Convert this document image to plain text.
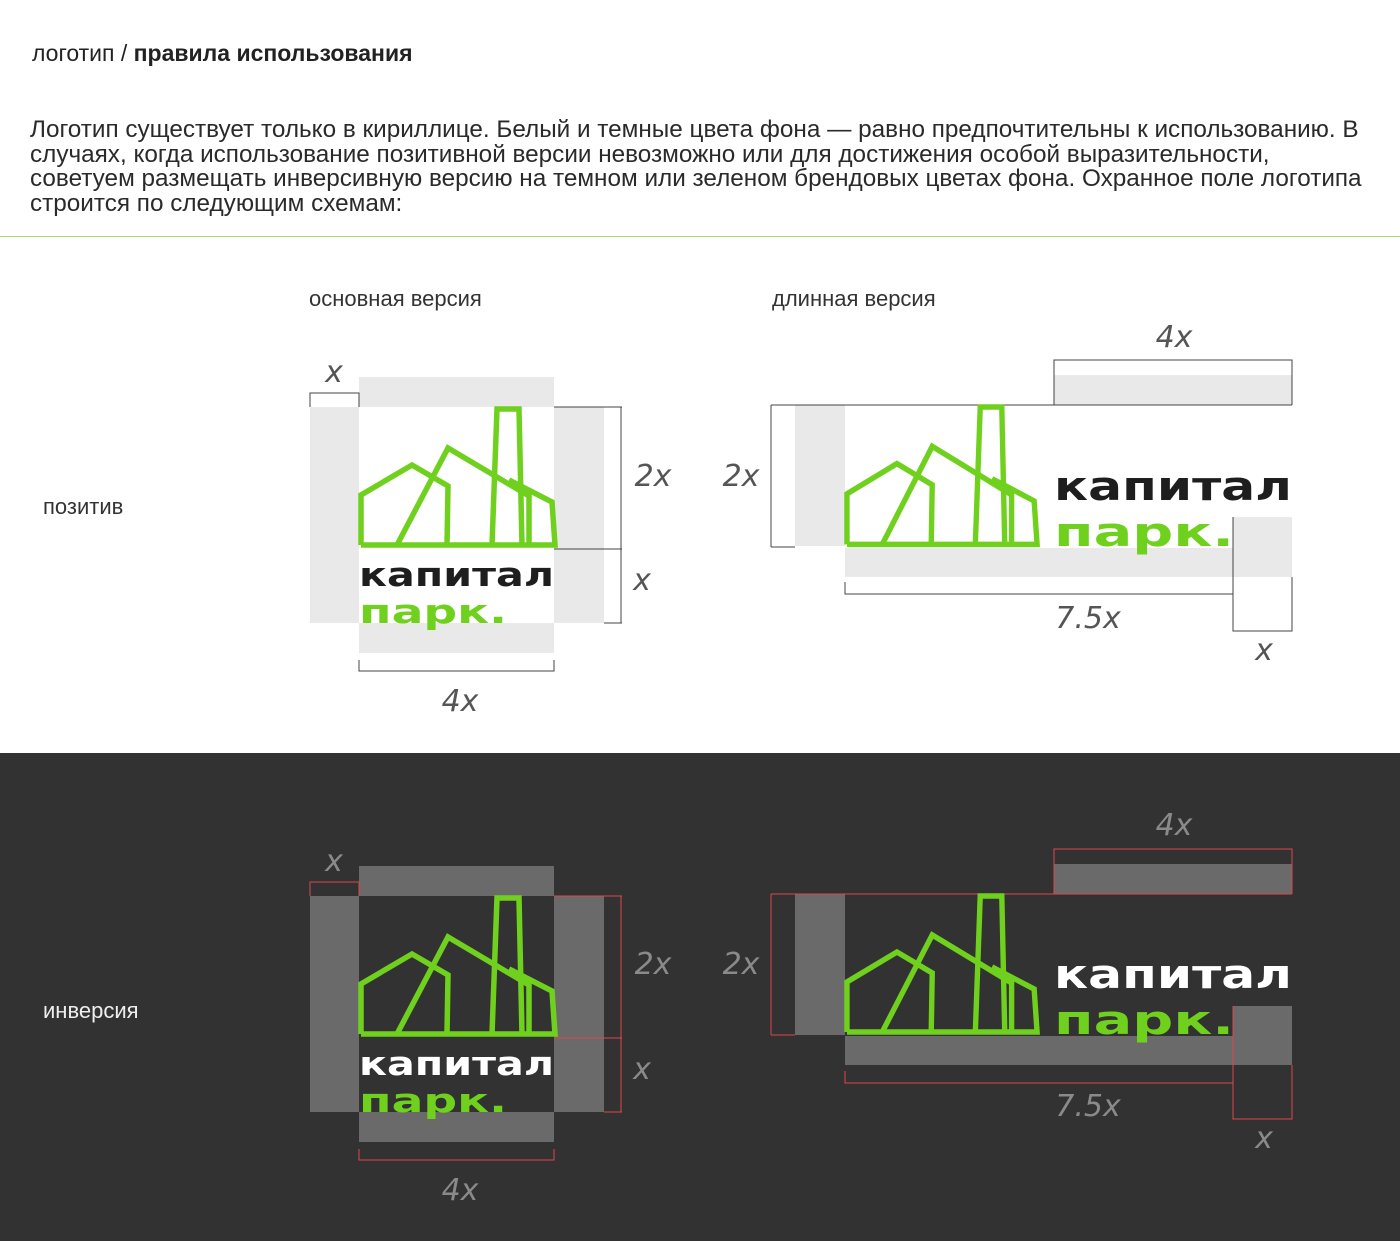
логотип / правила использования
Логотип существует только в кириллице. Белый и темные цвета фона — равно предпочтительны к использованию. В случаях, когда использование позитивной версии невозможно или для достижения особой выразительности, советуем размещать инверсивную версию на темном или зеленом брендовых цветах фона. Охранное поле логотипа строится по следующим схемам:
основная версия	длинная версия
позитив
инверсия
капитал
парк.
x
2x
x
4x
капитал
парк.
4x
2x
7.5x
x
капитал
парк.
x
2x
x
4x
капитал
парк.
4x
2x
7.5x
x
